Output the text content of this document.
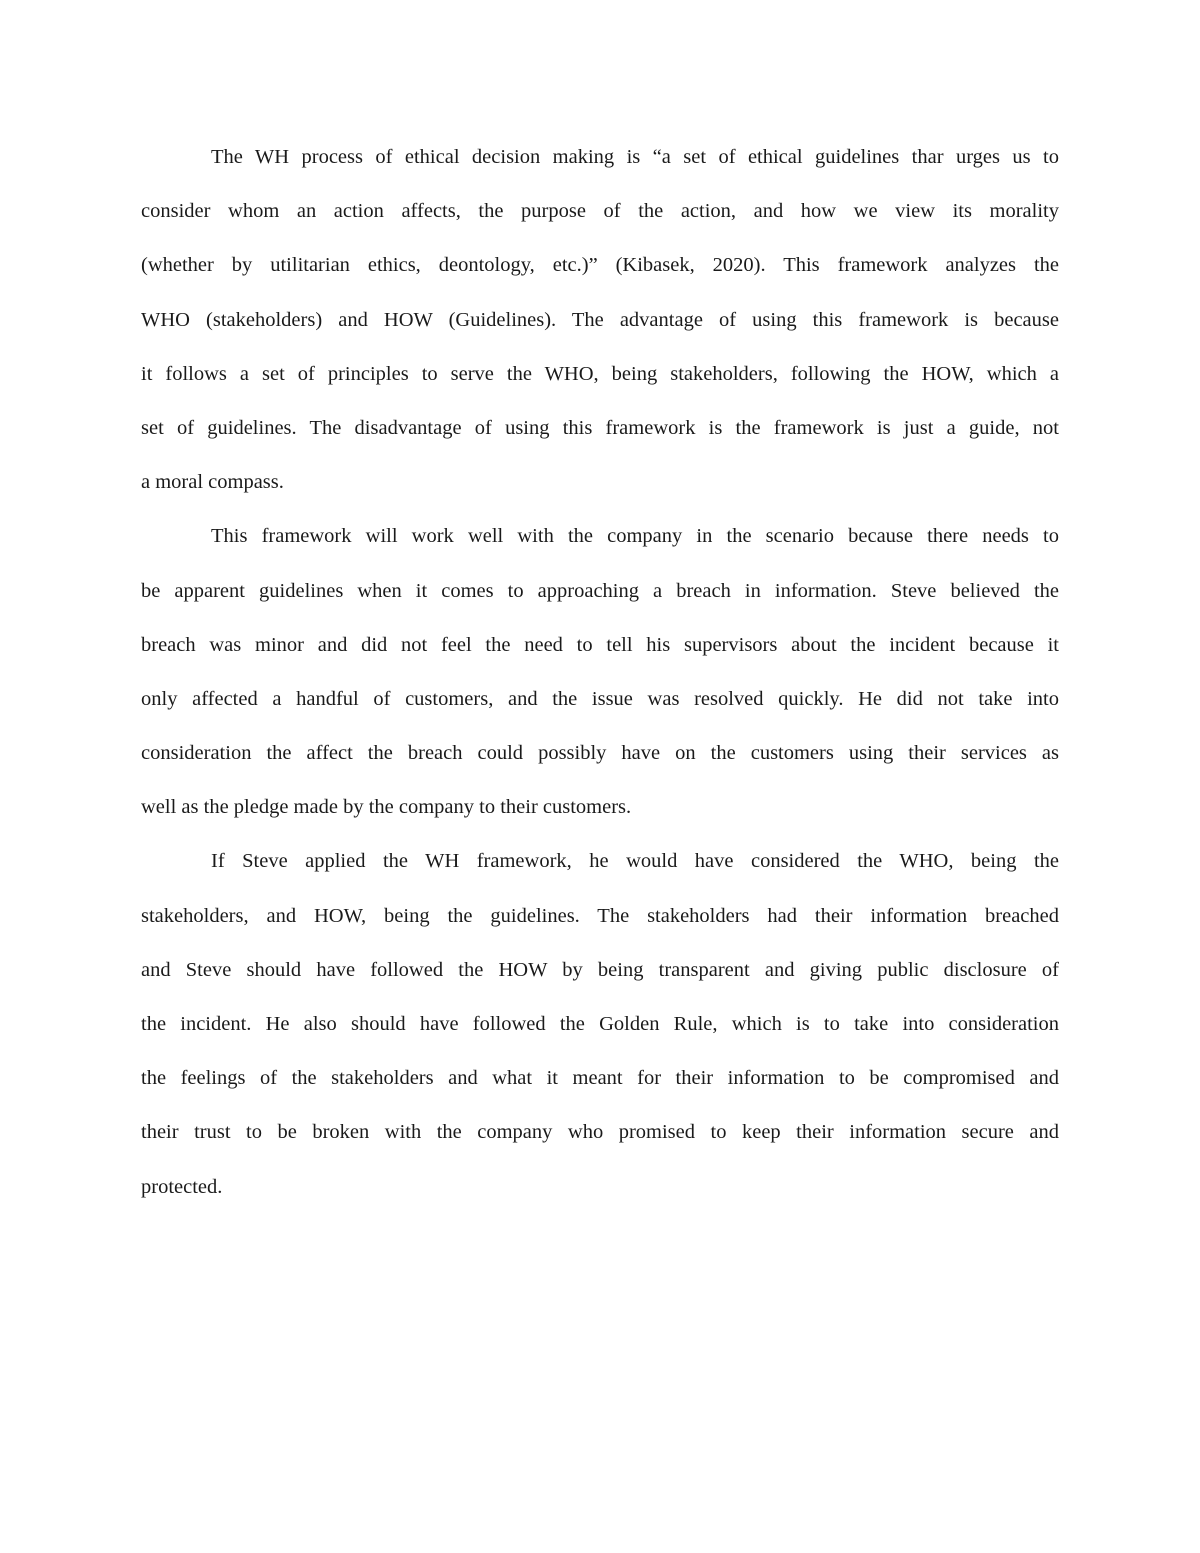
The WH process of ethical decision making is “a set of ethical guidelines thar urges us to
consider whom an action affects, the purpose of the action, and how we view its morality
(whether by utilitarian ethics, deontology, etc.)” (Kibasek, 2020). This framework analyzes the
WHO (stakeholders) and HOW (Guidelines). The advantage of using this framework is because
it follows a set of principles to serve the WHO, being stakeholders, following the HOW, which a
set of guidelines. The disadvantage of using this framework is the framework is just a guide, not
a moral compass.
This framework will work well with the company in the scenario because there needs to
be apparent guidelines when it comes to approaching a breach in information. Steve believed the
breach was minor and did not feel the need to tell his supervisors about the incident because it
only affected a handful of customers, and the issue was resolved quickly. He did not take into
consideration the affect the breach could possibly have on the customers using their services as
well as the pledge made by the company to their customers.
If Steve applied the WH framework, he would have considered the WHO, being the
stakeholders, and HOW, being the guidelines. The stakeholders had their information breached
and Steve should have followed the HOW by being transparent and giving public disclosure of
the incident. He also should have followed the Golden Rule, which is to take into consideration
the feelings of the stakeholders and what it meant for their information to be compromised and
their trust to be broken with the company who promised to keep their information secure and
protected.
